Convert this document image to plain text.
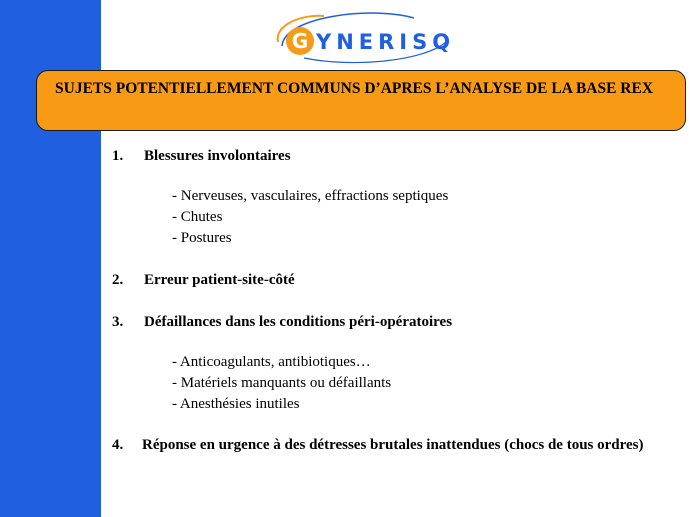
G YNERISQ
SUJETS POTENTIELLEMENT COMMUNS D’APRES L’ANALYSE DE LA BASE REX
1. Blessures involontaires
- Nerveuses, vasculaires, effractions septiques
- Chutes
- Postures
2. Erreur patient-site-côté
3. Défaillances dans les conditions péri-opératoires
- Anticoagulants, antibiotiques…
- Matériels manquants ou défaillants
- Anesthésies inutiles
4. Réponse en urgence à des détresses brutales inattendues (chocs de tous ordres)
